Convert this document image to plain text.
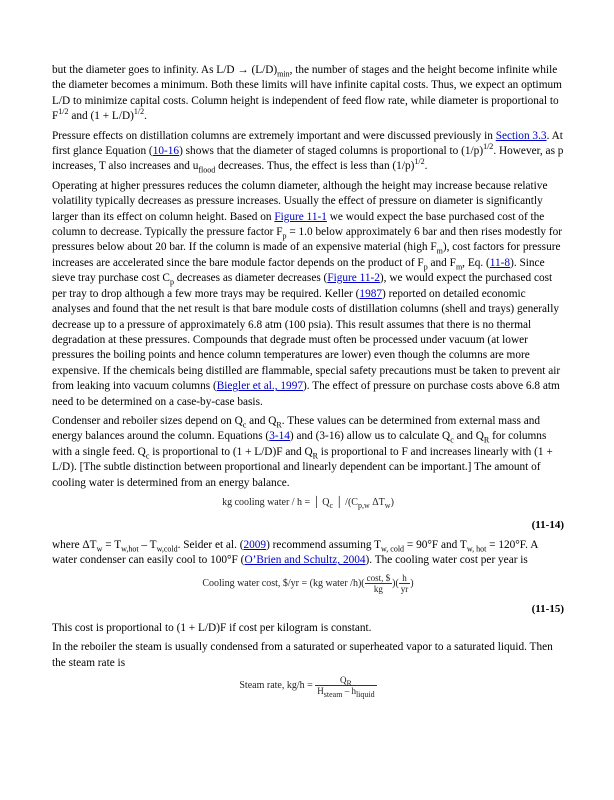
but the diameter goes to infinity. As $L/D \to (L/D)_{min}$, the number of stages and the height become infinite while the diameter becomes a minimum. Both these limits will have infinite capital costs. Thus, we expect an optimum L/D to minimize capital costs. Column height is independent of feed flow rate, while diameter is proportional to $F^{1/2}$ and $(1 + L/D)^{1/2}$.

Pressure effects on distillation columns are extremely important and were discussed previously in Section 3.3. At first glance Equation (10-16) shows that the diameter of staged columns is proportional to $(1/p)^{1/2}$. However, as p increases, T also increases and $u_{flood}$ decreases. Thus, the effect is less than $(1/p)^{1/2}$.

Operating at higher pressures reduces the column diameter, although the height may increase because relative volatility typically decreases as pressure increases. Usually the effect of pressure on diameter is significantly larger than its effect on column height. Based on Figure 11-1 we would expect the base purchased cost of the column to decrease. Typically the pressure factor $F_p = 1.0$ below approximately 6 bar and then rises modestly for pressures below about 20 bar. If the column is made of an expensive material (high $F_m$), cost factors for pressure increases are accelerated since the bare module factor depends on the product of $F_p$ and $F_m$, Eq. (11-8). Since sieve tray purchase cost $C_p$ decreases as diameter decreases (Figure 11-2), we would expect the purchased cost per tray to drop although a few more trays may be required. Keller (1987) reported on detailed economic analyses and found that the net result is that bare module costs of distillation columns (shell and trays) generally decrease up to a pressure of approximately 6.8 atm (100 psia). This result assumes that there is no thermal degradation at these pressures. Compounds that degrade must often be processed under vacuum (at lower pressures the boiling points and hence column temperatures are lower) even though the columns are more expensive. If the chemicals being distilled are flammable, special safety precautions must be taken to prevent air from leaking into vacuum columns (Biegler et al., 1997). The effect of pressure on purchase costs above 6.8 atm need to be determined on a case-by-case basis.

Condenser and reboiler sizes depend on $Q_c$ and $Q_R$. These values can be determined from external mass and energy balances around the column. Equations (3-14) and (3-16) allow us to calculate $Q_c$ and $Q_R$ for columns with a single feed. $Q_c$ is proportional to (1 + L/D)F and $Q_R$ is proportional to F and increases linearly with (1 + L/D). [The subtle distinction between proportional and linearly dependent can be important.] The amount of cooling water is determined from an energy balance.

kg cooling water / h = │ $Q_c$ │ $/(C_{p,w}$ $\Delta T_w$)
(11-14)

where $\Delta T_w = T_{w,hot} - T_{w,cold}$. Seider et al. (2009) recommend assuming $T_{w, cold} = 90^\circ F$ and $T_{w, hot} = 120^\circ F$. A water condenser can easily cool to 100°F (O’Brien and Schultz, 2004). The cooling water cost per year is

Cooling water cost, $/yr = (kg water $/h)( \frac{\cos t, \$}{kg}$ )( $\frac{h}{yr}$ )
(11-15)

This cost is proportional to (1 + L/D)F if cost per kilogram is constant.

In the reboiler the steam is usually condensed from a saturated or superheated vapor to a saturated liquid. Then the steam rate is

Steam rate, $kg/h = \frac{Q_R}{H_{steam} - h_{liquid}}$
